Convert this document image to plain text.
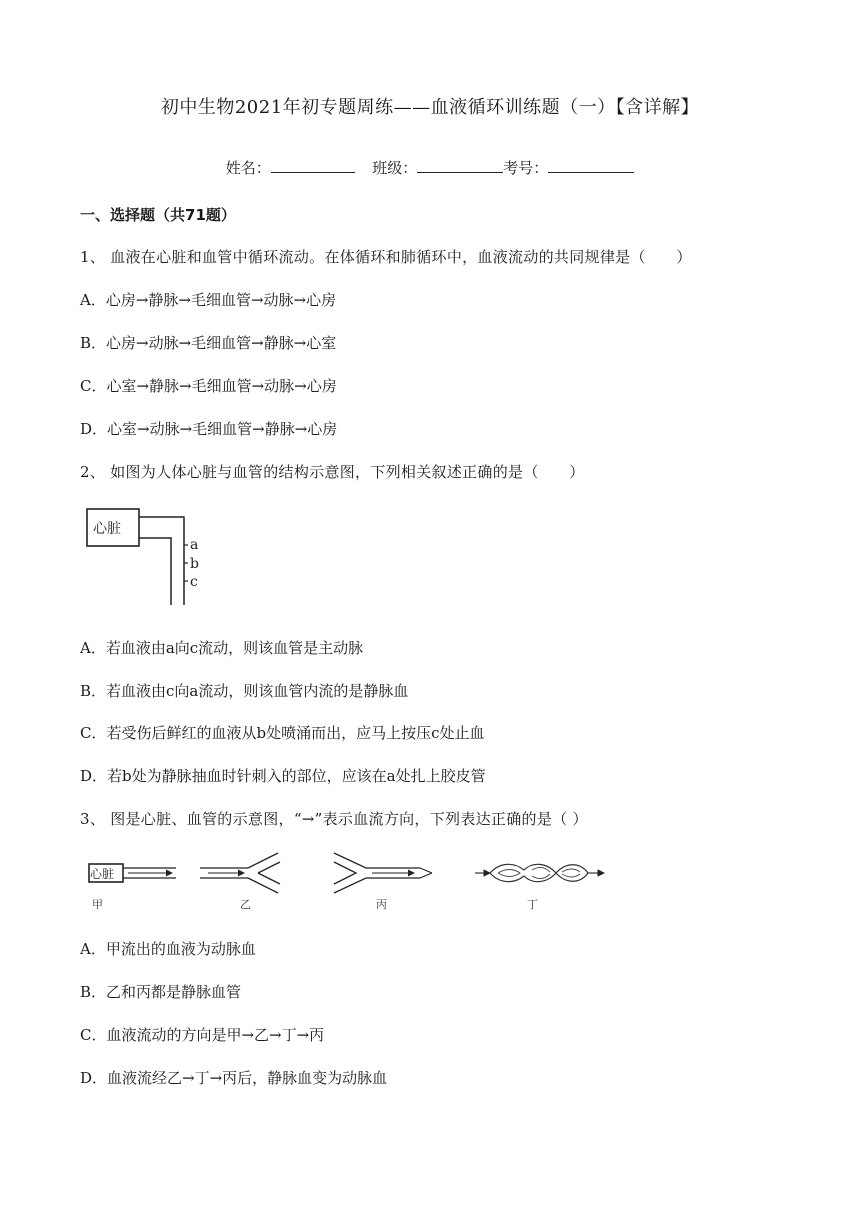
初中生物2021年初专题周练——血液循环训练题（一）【含详解】
姓名：	班级：	考号：
一、选择题（共71题）
1、 血液在心脏和血管中循环流动。在体循环和肺循环中，血液流动的共同规律是（　　）
A．心房→静脉→毛细血管→动脉→心房
B．心房→动脉→毛细血管→静脉→心室
C．心室→静脉→毛细血管→动脉→心房
D．心室→动脉→毛细血管→静脉→心房
2、 如图为人体心脏与血管的结构示意图，下列相关叙述正确的是（　　）
心脏
a
b
c
A．若血液由a向c流动，则该血管是主动脉
B．若血液由c向a流动，则该血管内流的是静脉血
C．若受伤后鲜红的血液从b处喷涌而出，应马上按压c处止血
D．若b处为静脉抽血时针刺入的部位，应该在a处扎上胶皮管
3、 图是心脏、血管的示意图，“→”表示血流方向，下列表达正确的是（ ）
心脏
甲	乙	丙	丁
A．甲流出的血液为动脉血
B．乙和丙都是静脉血管
C．血液流动的方向是甲→乙→丁→丙
D．血液流经乙→丁→丙后，静脉血变为动脉血
